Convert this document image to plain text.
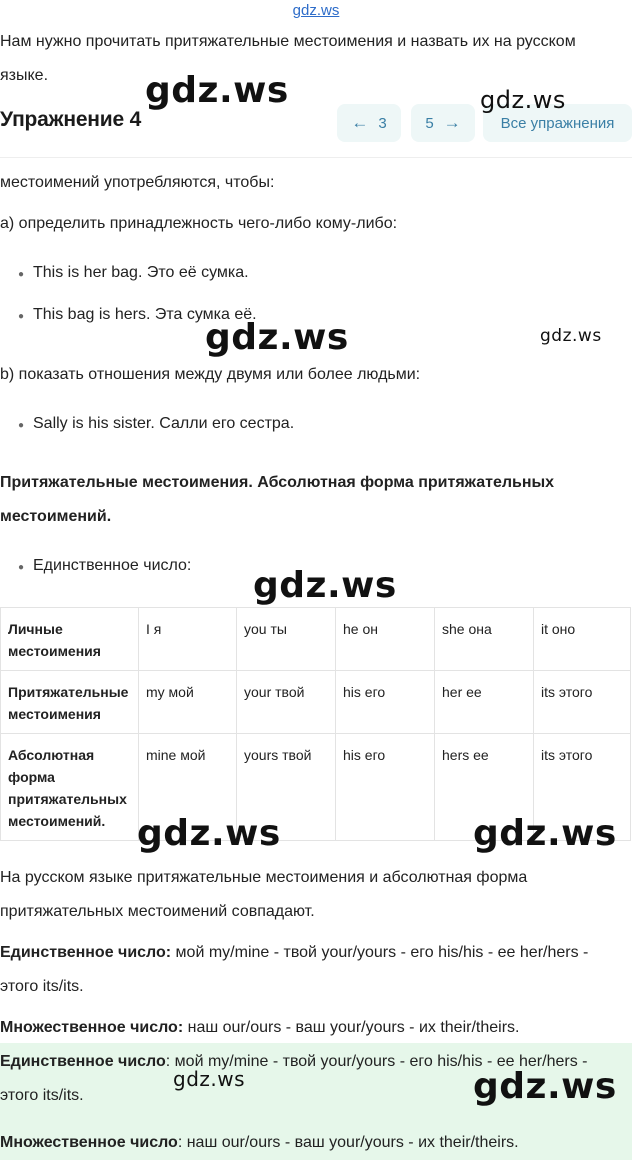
gdz.ws
Нам нужно прочитать притяжательные местоимения и назвать их на русском языке.
Упражнение 4	← 3	5 →	Все упражнения
местоимений употребляются, чтобы:
а) определить принадлежность чего-либо кому-либо:
● This is her bag. Это её сумка.
● This bag is hers. Эта сумка её.
b) показать отношения между двумя или более людьми:
● Sally is his sister. Салли его сестра.
Притяжательные местоимения. Абсолютная форма притяжательных местоимений.
● Единственное число:
Личные местоимения	I я	you ты	he он	she она	it оно
Притяжательные местоимения	my мой	your твой	his его	her ее	its этого
Абсолютная форма притяжательных местоимений.	mine мой	yours твой	his его	hers ее	its этого
На русском языке притяжательные местоимения и абсолютная форма притяжательных местоимений совпадают.
Единственное число: мой my/mine - твой your/yours - его his/his - ее her/hers - этого its/its.
Множественное число: наш our/ours - ваш your/yours - их their/theirs.
Единственное число: мой my/mine - твой your/yours - его his/his - ее her/hers - этого its/its.
Множественное число: наш our/ours - ваш your/yours - их their/theirs.
gdz.ws	gdz.ws
gdz.ws	gdz.ws
gdz.ws
gdz.ws	gdz.ws
gdz.ws	gdz.ws
